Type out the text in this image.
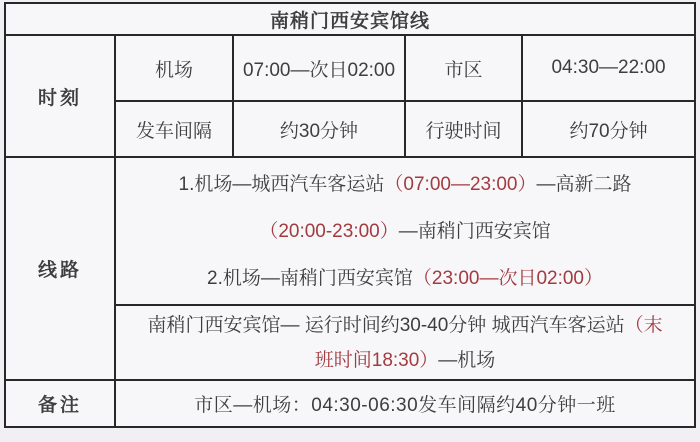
南稍门西安宾馆线				
时刻	机场	07:00—次日02:00	市区	04:30—22:00
	发车间隔	约30分钟	行驶时间	约70分钟
线路	1.机场—城西汽车客运站（07:00—23:00）—高新二路
（20:00-23:00）—南稍门西安宾馆
2.机场—南稍门西安宾馆（23:00—次日02:00）			

	南稍门西安宾馆— 运行时间约30-40分钟 城西汽车客运站（末班时间18:30）—机场			

备注	市区—机场：04:30-06:30发车间隔约40分钟一班			
